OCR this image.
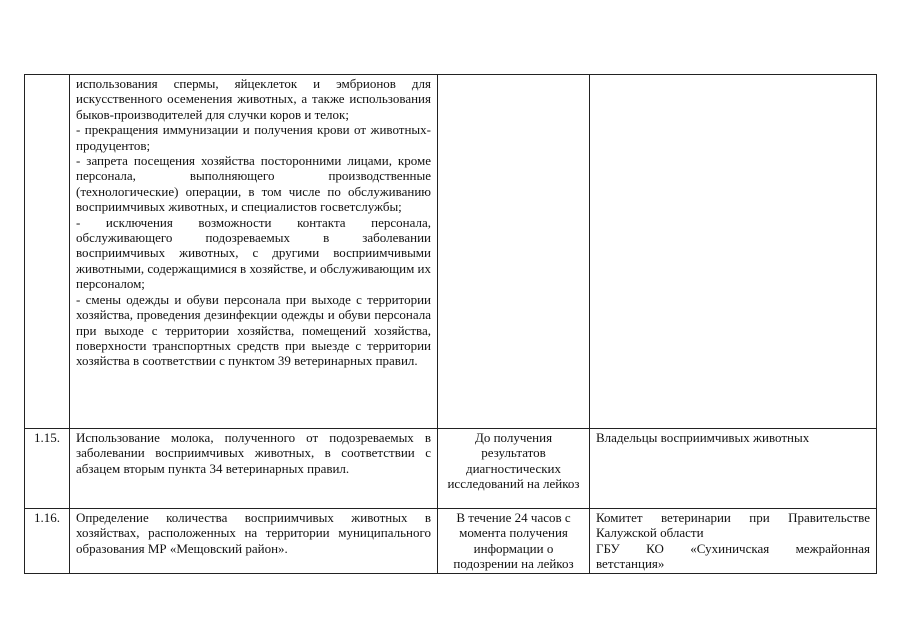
	использования спермы, яйцеклеток и эмбрионов для искусственного осеменения животных, а также использования быков-производителей для случки коров и телок;

- прекращения иммунизации и получения крови от животных-продуцентов;

- запрета посещения хозяйства посторонними лицами, кроме персонала, выполняющего производственные (технологические) операции, в том числе по обслуживанию восприимчивых животных, и специалистов госветслужбы;

- исключения возможности контакта персонала, обслуживающего подозреваемых в заболевании восприимчивых животных, с другими восприимчивыми животными, содержащимися в хозяйстве, и обслуживающим их персоналом;

- смены одежды и обуви персонала при выходе с территории хозяйства, проведения дезинфекции одежды и обуви персонала при выходе с территории хозяйства, помещений хозяйства, поверхности транспортных средств при выезде с территории хозяйства в соответствии с пунктом 39 ветеринарных правил.		

1.15.	Использование молока, полученного от подозреваемых в заболевании восприимчивых животных, в соответствии с абзацем вторым пункта 34 ветеринарных правил.	До получения результатов диагностических исследований на лейкоз	Владельцы восприимчивых животных

1.16.	Определение количества восприимчивых животных в хозяйствах, расположенных на территории муниципального образования МР «Мещовский район».	В течение 24 часов с момента получения информации о подозрении на лейкоз	Комитет ветеринарии при Правительстве Калужской области
ГБУ КО «Сухиничская межрайонная ветстанция»
